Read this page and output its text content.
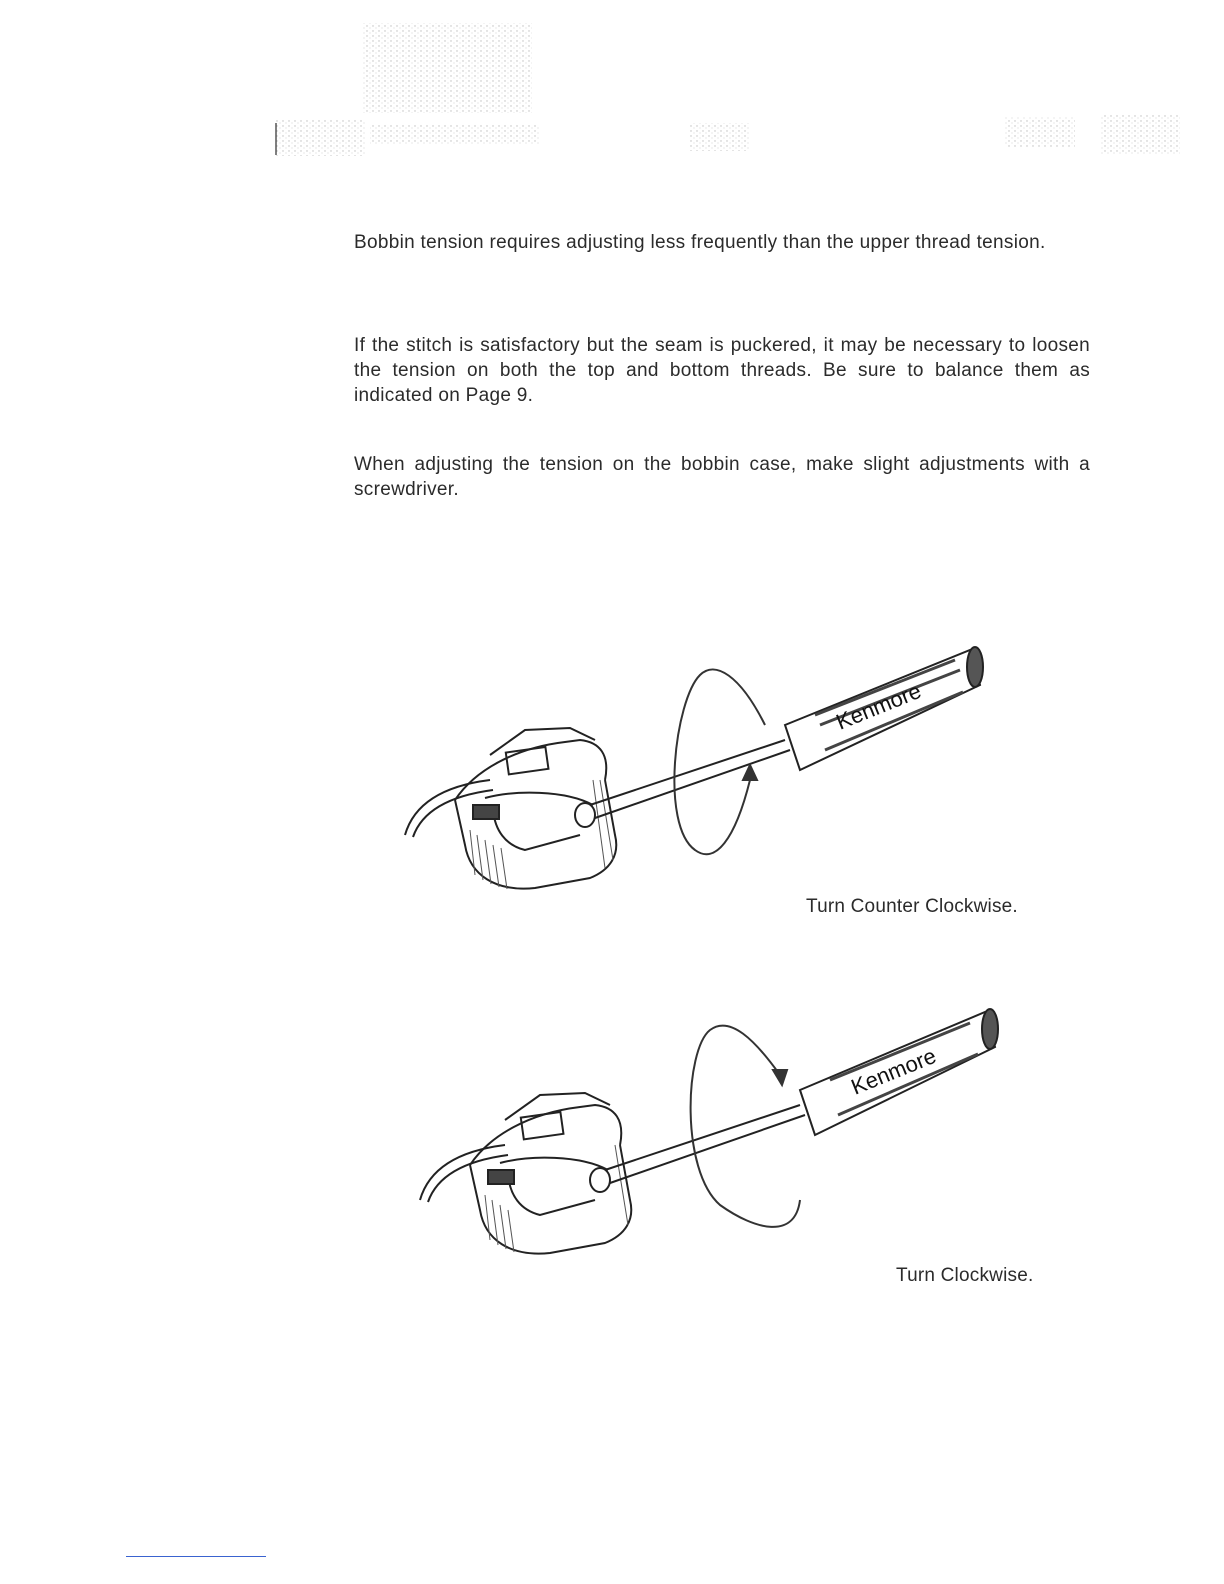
Bobbin tension requires adjusting less frequently than the upper thread tension.

If the stitch is satisfactory but the seam is puckered, it may be necessary to loosen the tension on both the top and bottom threads. Be sure to balance them as indicated on Page 9.

When adjusting the tension on the bobbin case, make slight adjustments with a screwdriver.

Kenmore
Turn Counter Clockwise.
Kenmore
Turn Clockwise.
